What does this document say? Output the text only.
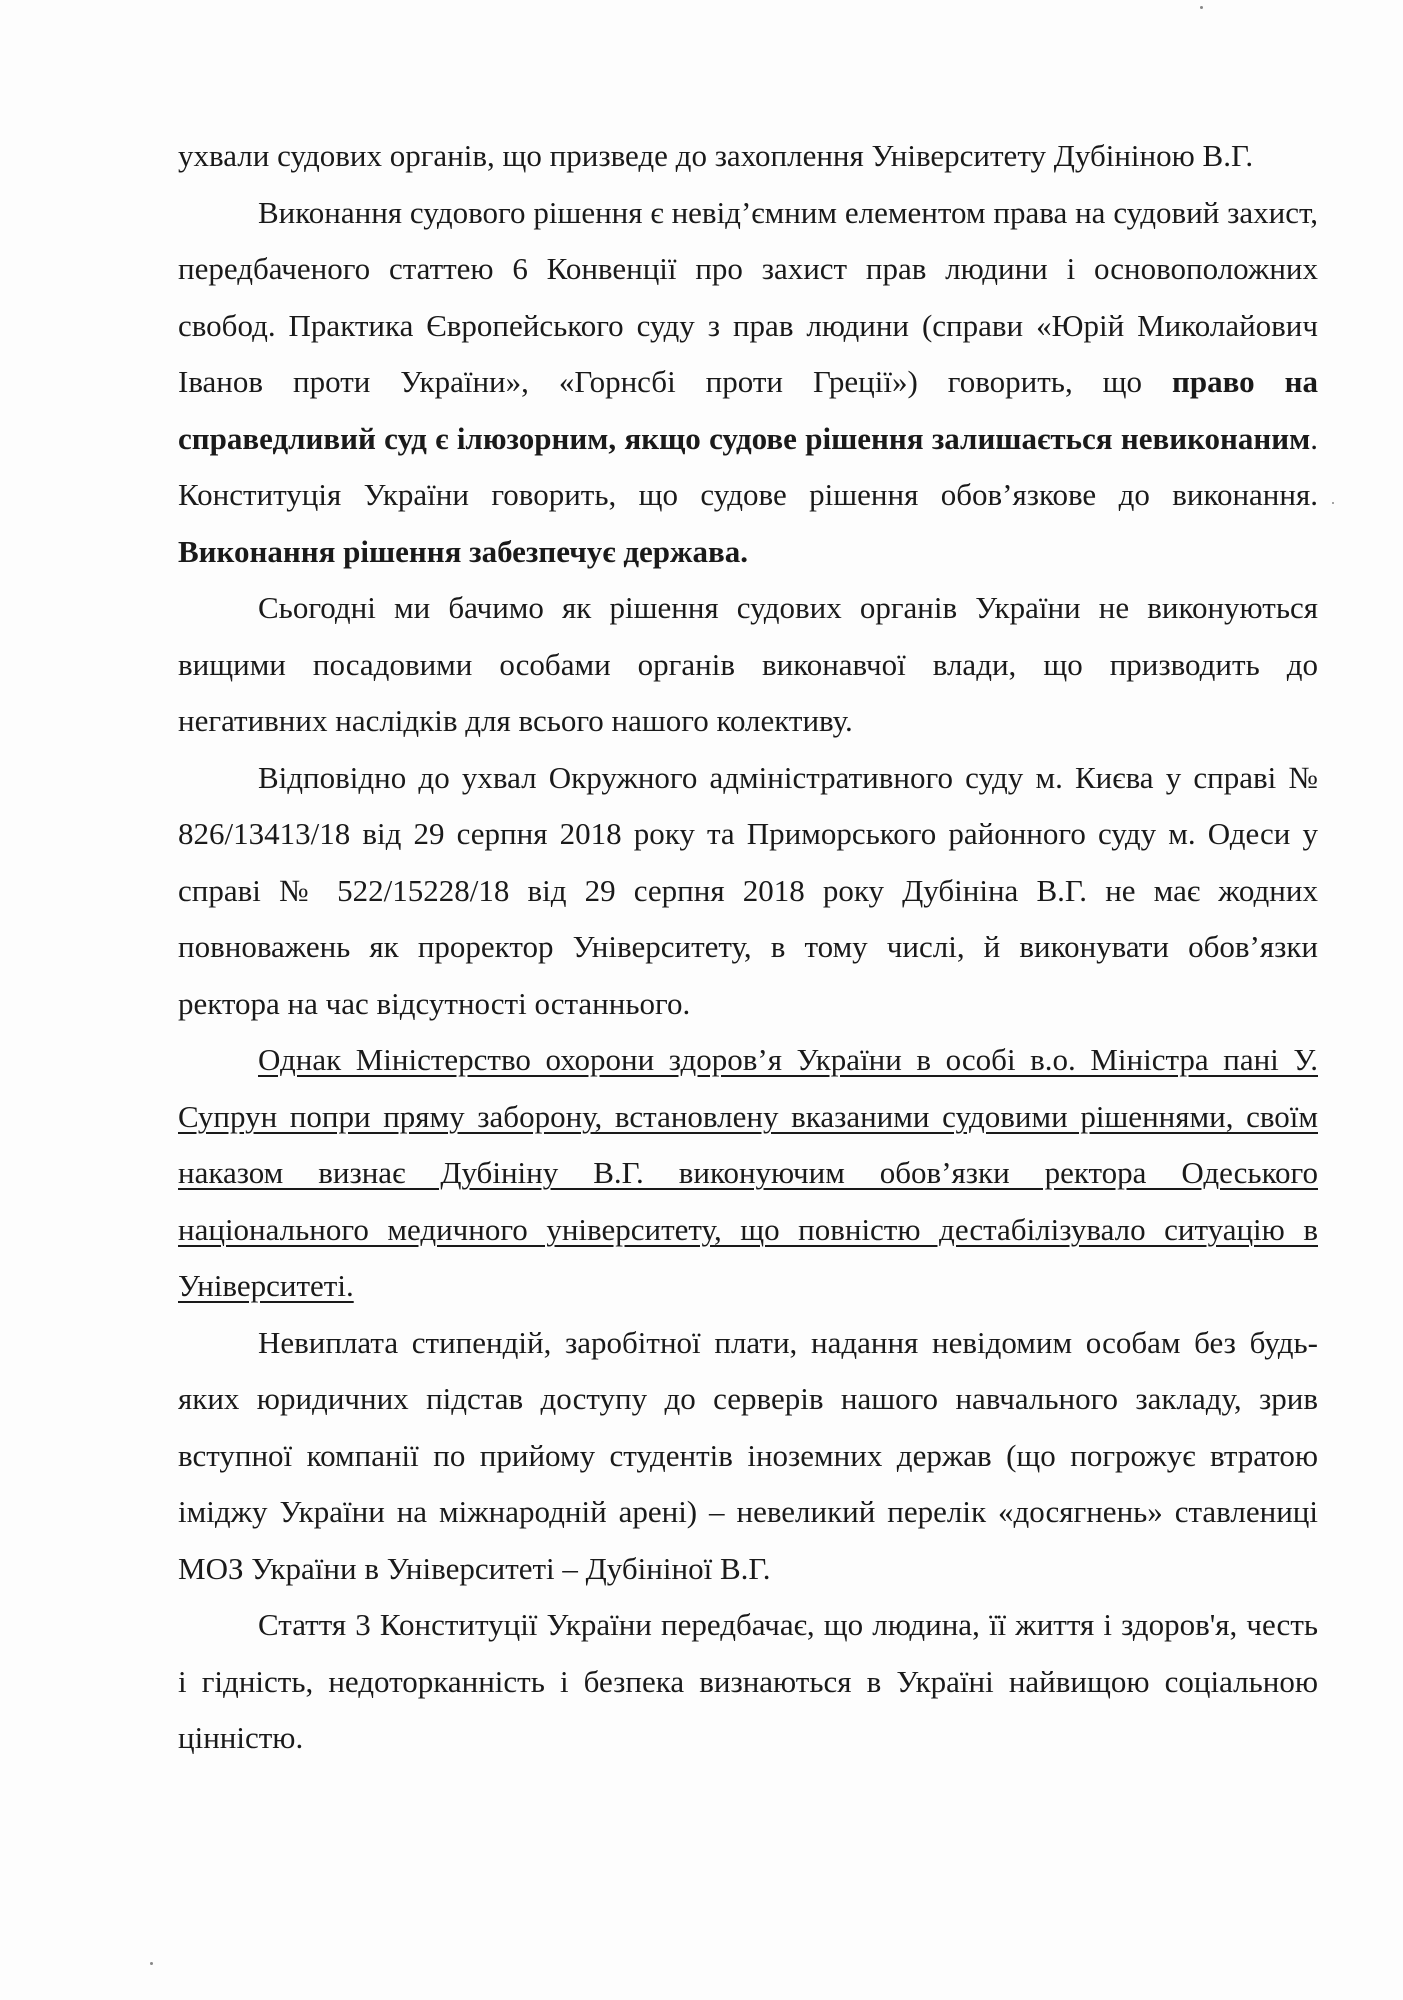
ухвали судових органів, що призведе до захоплення Університету Дубініною В.Г.

Виконання судового рішення є невід’ємним елементом права на судовий захист, передбаченого статтею 6 Конвенції про захист прав людини і основоположних свобод. Практика Європейського суду з прав людини (справи «Юрій Миколайович Іванов проти України», «Горнсбі проти Греції») говорить, що право на справедливий суд є ілюзорним, якщо судове рішення залишається невиконаним. Конституція України говорить, що судове рішення обов’язкове до виконання. Виконання рішення забезпечує держава.

Сьогодні ми бачимо як рішення судових органів України не виконуються вищими посадовими особами органів виконавчої влади, що призводить до негативних наслідків для всього нашого колективу.

Відповідно до ухвал Окружного адміністративного суду м. Києва у справі № 826/13413/18 від 29 серпня 2018 року та Приморського районного суду м. Одеси у справі № 522/15228/18 від 29 серпня 2018 року Дубініна В.Г. не має жодних повноважень як проректор Університету, в тому числі, й виконувати обов’язки ректора на час відсутності останнього.

Однак Міністерство охорони здоров’я України в особі в.о. Міністра пані У. Супрун попри пряму заборону, встановлену вказаними судовими рішеннями, своїм наказом визнає Дубініну В.Г. виконуючим обов’язки ректора Одеського національного медичного університету, що повністю дестабілізувало ситуацію в Університеті.

Невиплата стипендій, заробітної плати, надання невідомим особам без будь-яких юридичних підстав доступу до серверів нашого навчального закладу, зрив вступної компанії по прийому студентів іноземних держав (що погрожує втратою іміджу України на міжнародній арені) – невеликий перелік «досягнень» ставлениці МОЗ України в Університеті – Дубініної В.Г.

Стаття 3 Конституції України передбачає, що людина, її життя і здоров'я, честь і гідність, недоторканність і безпека визнаються в Україні найвищою соціальною цінністю.
